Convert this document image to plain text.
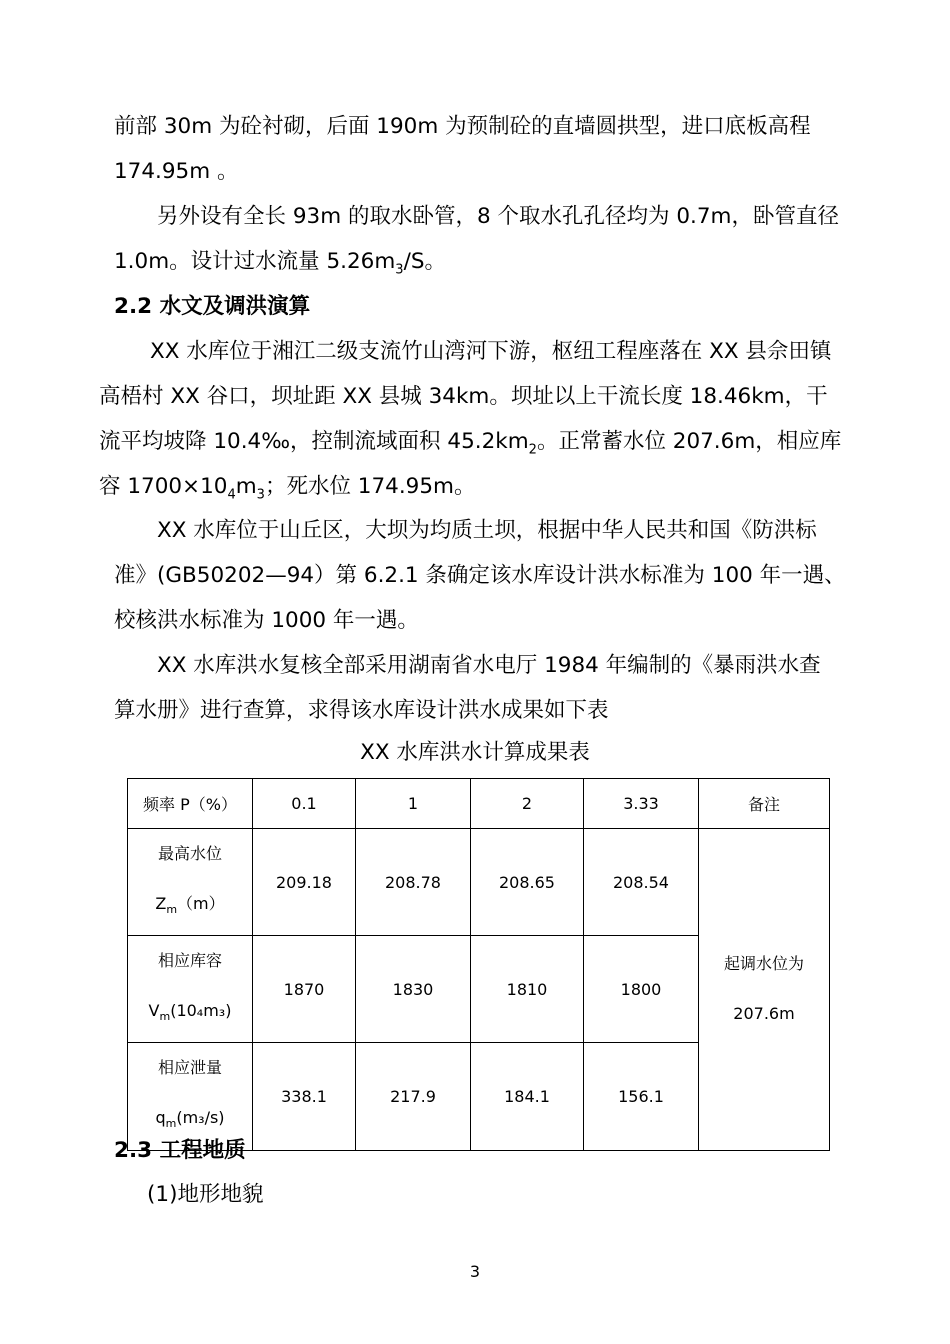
前部 30m 为砼衬砌，后面 190m 为预制砼的直墙圆拱型，进口底板高程
174.95m 。
另外设有全长 93m 的取水卧管，8 个取水孔孔径均为 0.7m，卧管直径
1.0m。设计过水流量 $5.26m_3/S$。
2.2 水文及调洪演算
XX 水库位于湘江二级支流竹山湾河下游，枢纽工程座落在 XX 县佘田镇
高梧村 XX 谷口，坝址距 XX 县城 34km。坝址以上干流长度 18.46km，干
流平均坡降 10.4‰，控制流域面积 $45.2km_2$。正常蓄水位 207.6m，相应库
容 $1700\times 10_4m_3$；死水位 174.95m。
XX 水库位于山丘区，大坝为均质土坝，根据中华人民共和国《防洪标
准》(GB50202—94）第 6.2.1 条确定该水库设计洪水标准为 100 年一遇、
校核洪水标准为 1000 年一遇。
XX 水库洪水复核全部采用湖南省水电厅 1984 年编制的《暴雨洪水查
算水册》进行查算，求得该水库设计洪水成果如下表
XX 水库洪水计算成果表
频率 P（%）	0.1	1	2	3.33	备注

最高水位
$Z_m(m)$	209.18	208.78	208.65	208.54	起调水位为
207.6m

相应库容
$V_m(10_4m_3)$	1870	1830	1810	1800	

相应泄量
$q_m(m_3/s)$	338.1	217.9	184.1	156.1	
2.3 工程地质
(1)地形地貌
3
